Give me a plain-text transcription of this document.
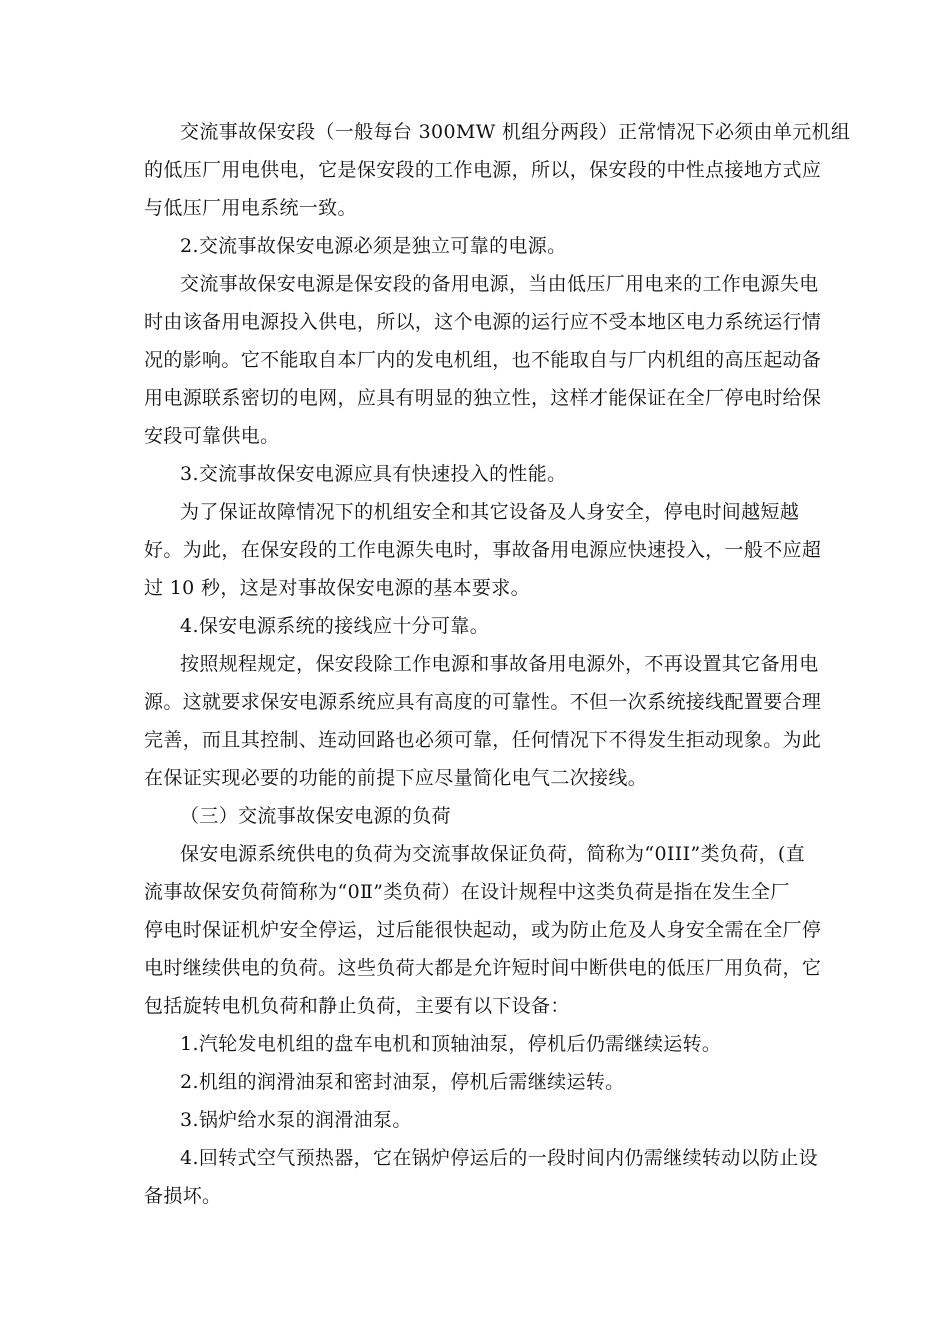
交流事故保安段（一般每台 300MW 机组分两段）正常情况下必须由单元机组
的低压厂用电供电，它是保安段的工作电源，所以，保安段的中性点接地方式应
与低压厂用电系统一致。
2.交流事故保安电源必须是独立可靠的电源。
交流事故保安电源是保安段的备用电源，当由低压厂用电来的工作电源失电
时由该备用电源投入供电，所以，这个电源的运行应不受本地区电力系统运行情
况的影响。它不能取自本厂内的发电机组，也不能取自与厂内机组的高压起动备
用电源联系密切的电网，应具有明显的独立性，这样才能保证在全厂停电时给保
安段可靠供电。
3.交流事故保安电源应具有快速投入的性能。
为了保证故障情况下的机组安全和其它设备及人身安全，停电时间越短越
好。为此，在保安段的工作电源失电时，事故备用电源应快速投入，一般不应超
过 10 秒，这是对事故保安电源的基本要求。
4.保安电源系统的接线应十分可靠。
按照规程规定，保安段除工作电源和事故备用电源外，不再设置其它备用电
源。这就要求保安电源系统应具有高度的可靠性。不但一次系统接线配置要合理
完善，而且其控制、连动回路也必须可靠，任何情况下不得发生拒动现象。为此
在保证实现必要的功能的前提下应尽量简化电气二次接线。
（三）交流事故保安电源的负荷
保安电源系统供电的负荷为交流事故保证负荷，简称为“0III”类负荷，(直
流事故保安负荷简称为“0Ⅱ”类负荷）在设计规程中这类负荷是指在发生全厂
停电时保证机炉安全停运，过后能很快起动，或为防止危及人身安全需在全厂停
电时继续供电的负荷。这些负荷大都是允许短时间中断供电的低压厂用负荷，它
包括旋转电机负荷和静止负荷，主要有以下设备：
1.汽轮发电机组的盘车电机和顶轴油泵，停机后仍需继续运转。
2.机组的润滑油泵和密封油泵，停机后需继续运转。
3.锅炉给水泵的润滑油泵。
4.回转式空气预热器，它在锅炉停运后的一段时间内仍需继续转动以防止设
备损坏。
